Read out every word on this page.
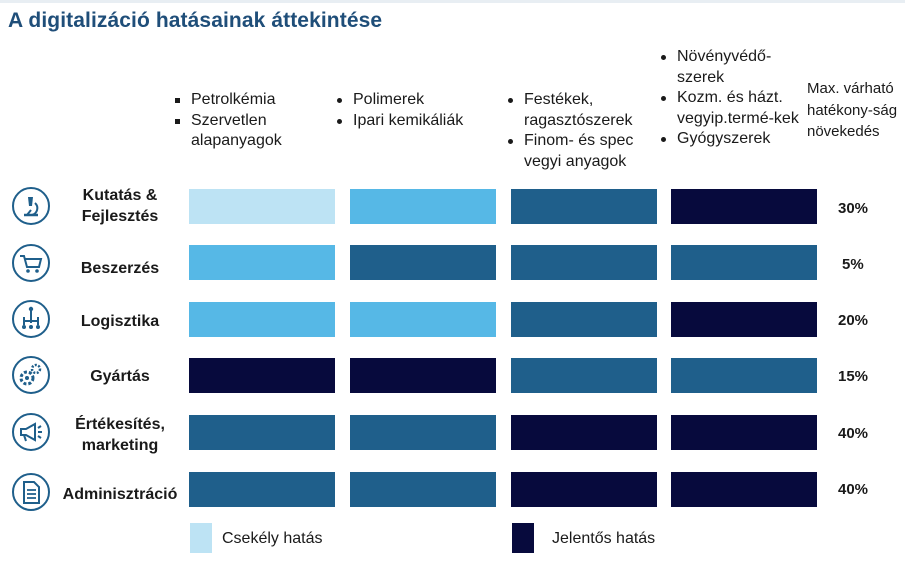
A digitalizáció hatásainak áttekintése
Petrolkémia
Szervetlen alapanyagok
Polimerek
Ipari kemikáliák
Festékek, ragasztószerek
Finom- és spec vegyi anyagok
Növényvédő-szerek
Kozm. és házt. vegyip.termé-kek
Gyógyszerek
Max. várható hatékony-ság növekedés
Kutatás & Fejlesztés
Beszerzés
Logisztika
Gyártás
Értékesítés, marketing
Adminisztráció
30%
5%
20%
15%
40%
40%
Csekély hatás	Jelentős hatás
